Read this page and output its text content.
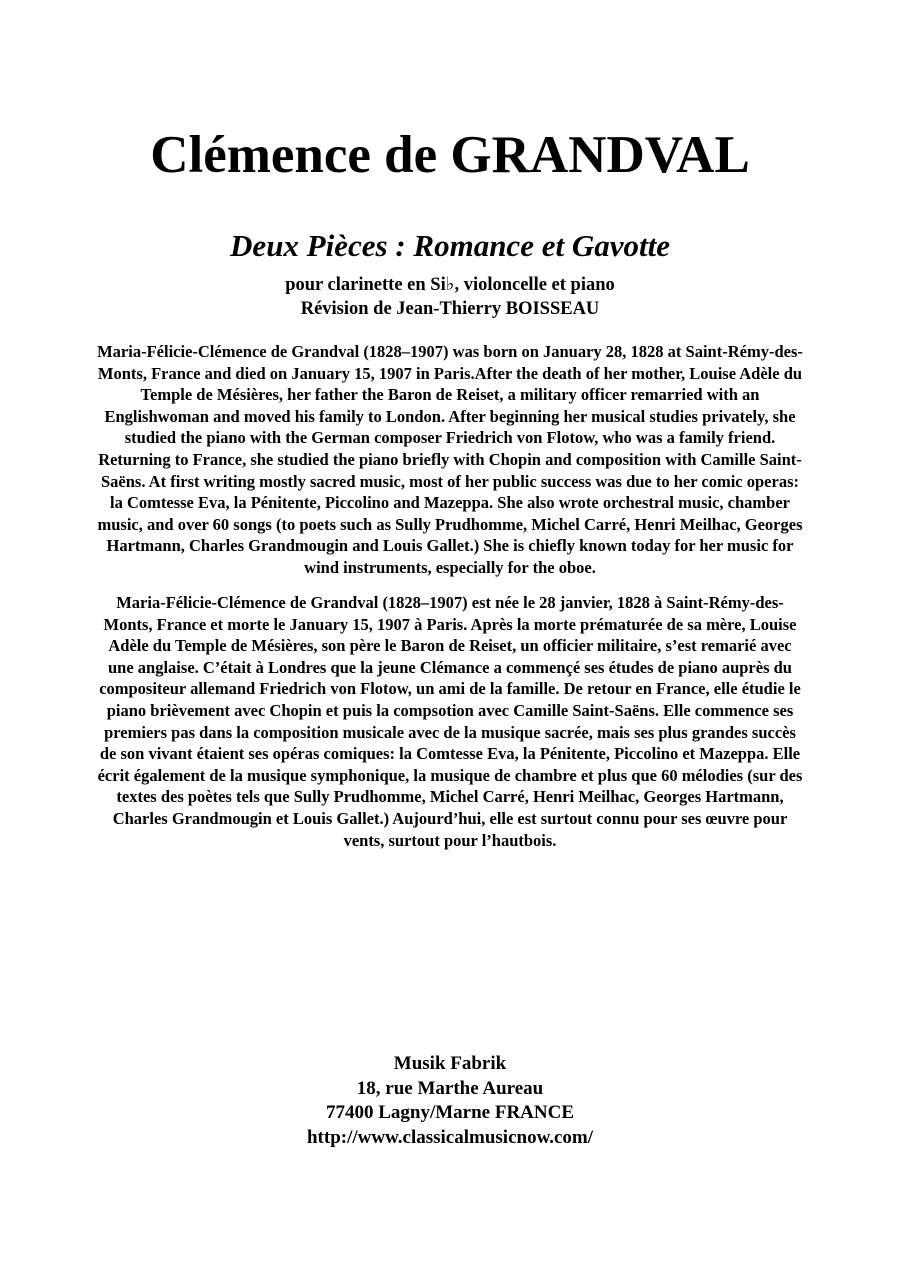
Clémence de GRANDVAL
Deux Pièces : Romance et Gavotte

pour clarinette en Si♭, violoncelle et piano

Révision de Jean-Thierry BOISSEAU

Maria-Félicie-Clémence de Grandval (1828–1907) was born on January 28, 1828 at Saint-Rémy-des-Monts, France and died on January 15, 1907 in Paris.After the death of her mother, Louise Adèle du Temple de Mésières, her father the Baron de Reiset, a military officer remarried with an Englishwoman and moved his family to London. After beginning her musical studies privately, she studied the piano with the German composer Friedrich von Flotow, who was a family friend. Returning to France, she studied the piano briefly with Chopin and composition with Camille Saint-Saëns. At first writing mostly sacred music, most of her public success was due to her comic operas: la Comtesse Eva, la Pénitente, Piccolino and Mazeppa. She also wrote orchestral music, chamber music, and over 60 songs (to poets such as Sully Prudhomme, Michel Carré, Henri Meilhac, Georges Hartmann, Charles Grandmougin and Louis Gallet.) She is chiefly known today for her music for wind instruments, especially for the oboe.

Maria-Félicie-Clémence de Grandval (1828–1907) est née le 28 janvier, 1828 à Saint-Rémy-des-Monts, France et morte le January 15, 1907 à Paris. Après la morte prématurée de sa mère, Louise Adèle du Temple de Mésières, son père le Baron de Reiset, un officier militaire, s’est remarié avec une anglaise. C’était à Londres que la jeune Clémance a commençé ses études de piano auprès du compositeur allemand Friedrich von Flotow, un ami de la famille. De retour en France, elle étudie le piano brièvement avec Chopin et puis la compsotion avec Camille Saint-Saëns. Elle commence ses premiers pas dans la composition musicale avec de la musique sacrée, mais ses plus grandes succès de son vivant étaient ses opéras comiques: la Comtesse Eva, la Pénitente, Piccolino et Mazeppa. Elle écrit également de la musique symphonique, la musique de chambre et plus que 60 mélodies (sur des textes des poètes tels que Sully Prudhomme, Michel Carré, Henri Meilhac, Georges Hartmann, Charles Grandmougin et Louis Gallet.) Aujourd’hui, elle est surtout connu pour ses œuvre pour vents, surtout pour l’hautbois.

Musik Fabrik
18, rue Marthe Aureau
77400 Lagny/Marne FRANCE
http://www.classicalmusicnow.com/
